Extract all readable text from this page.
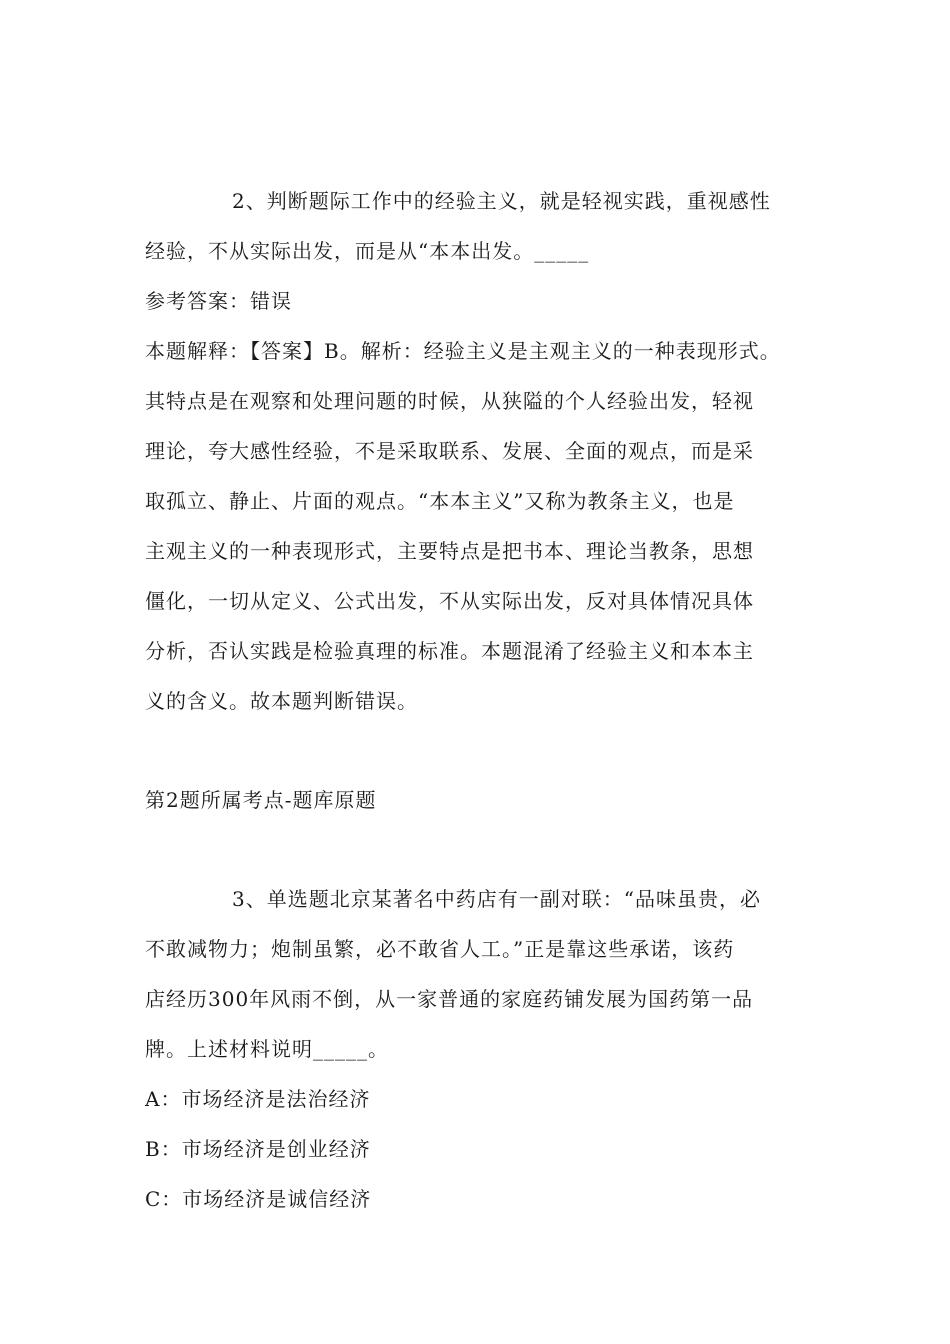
2、判断题际工作中的经验主义，就是轻视实践，重视感性
经验，不从实际出发，而是从“本本出发。_____
参考答案：错误
本题解释：【答案】B。解析：经验主义是主观主义的一种表现形式。
其特点是在观察和处理问题的时候，从狭隘的个人经验出发，轻视
理论，夸大感性经验，不是采取联系、发展、全面的观点，而是采
取孤立、静止、片面的观点。“本本主义”又称为教条主义，也是
主观主义的一种表现形式，主要特点是把书本、理论当教条，思想
僵化，一切从定义、公式出发，不从实际出发，反对具体情况具体
分析，否认实践是检验真理的标准。本题混淆了经验主义和本本主
义的含义。故本题判断错误。
第2题所属考点-题库原题
3、单选题北京某著名中药店有一副对联：“品味虽贵，必
不敢减物力；炮制虽繁，必不敢省人工。”正是靠这些承诺，该药
店经历300年风雨不倒，从一家普通的家庭药铺发展为国药第一品
牌。上述材料说明_____。
A：市场经济是法治经济
B：市场经济是创业经济
C：市场经济是诚信经济
